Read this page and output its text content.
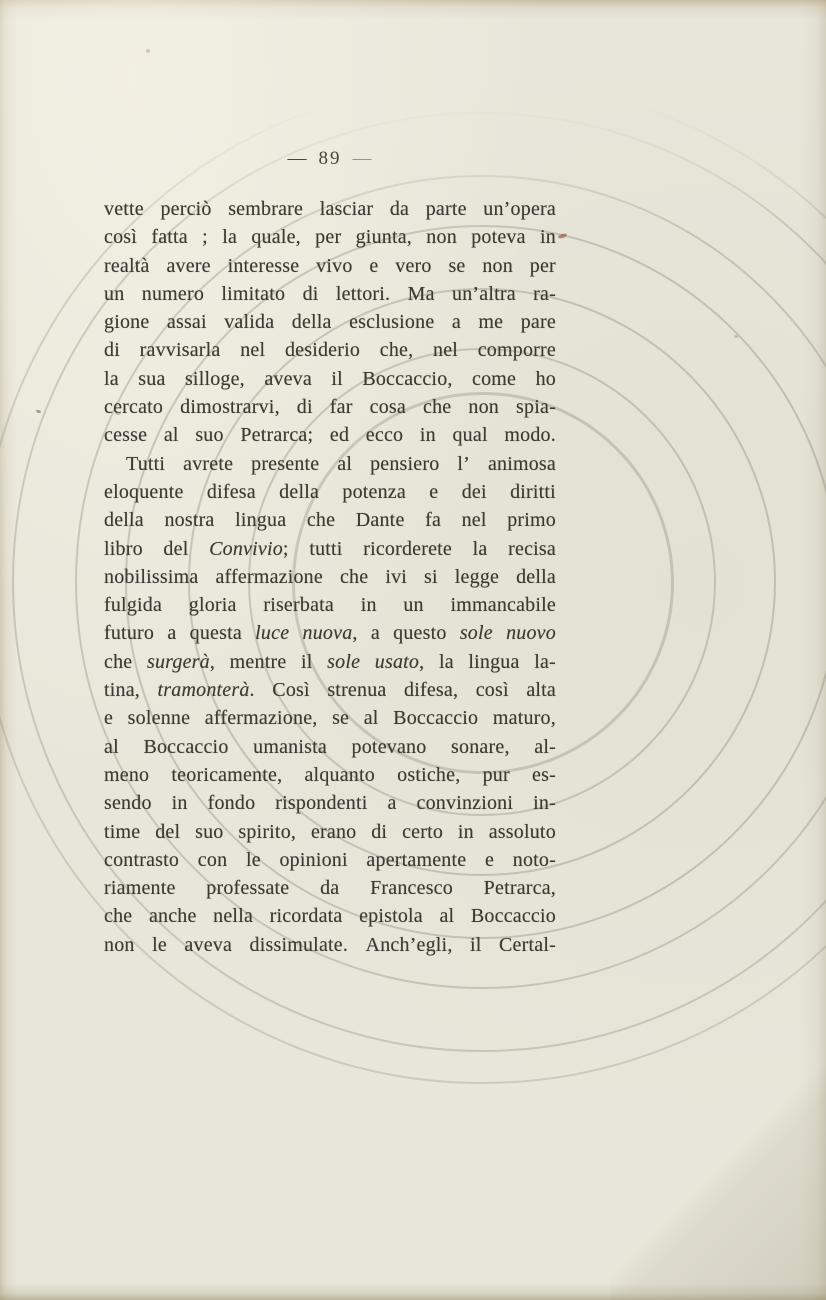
— 89 —
vette perciò sembrare lasciar da parte un’opera
così fatta ; la quale, per giunta, non poteva in
realtà avere interesse vivo e vero se non per
un numero limitato di lettori. Ma un’altra ra-
gione assai valida della esclusione a me pare
di ravvisarla nel desiderio che, nel comporre
la sua silloge, aveva il Boccaccio, come ho
cercato dimostrarvi, di far cosa che non spia-
cesse al suo Petrarca; ed ecco in qual modo.
Tutti avrete presente al pensiero l’ animosa
eloquente difesa della potenza e dei diritti
della nostra lingua che Dante fa nel primo
libro del Convivio; tutti ricorderete la recisa
nobilissima affermazione che ivi si legge della
fulgida gloria riserbata in un immancabile
futuro a questa luce nuova, a questo sole nuovo
che surgerà, mentre il sole usato, la lingua la-
tina, tramonterà. Così strenua difesa, così alta
e solenne affermazione, se al Boccaccio maturo,
al Boccaccio umanista potevano sonare, al-
meno teoricamente, alquanto ostiche, pur es-
sendo in fondo rispondenti a convinzioni in-
time del suo spirito, erano di certo in assoluto
contrasto con le opinioni apertamente e noto-
riamente professate da Francesco Petrarca,
che anche nella ricordata epistola al Boccaccio
non le aveva dissimulate. Anch’egli, il Certal-
